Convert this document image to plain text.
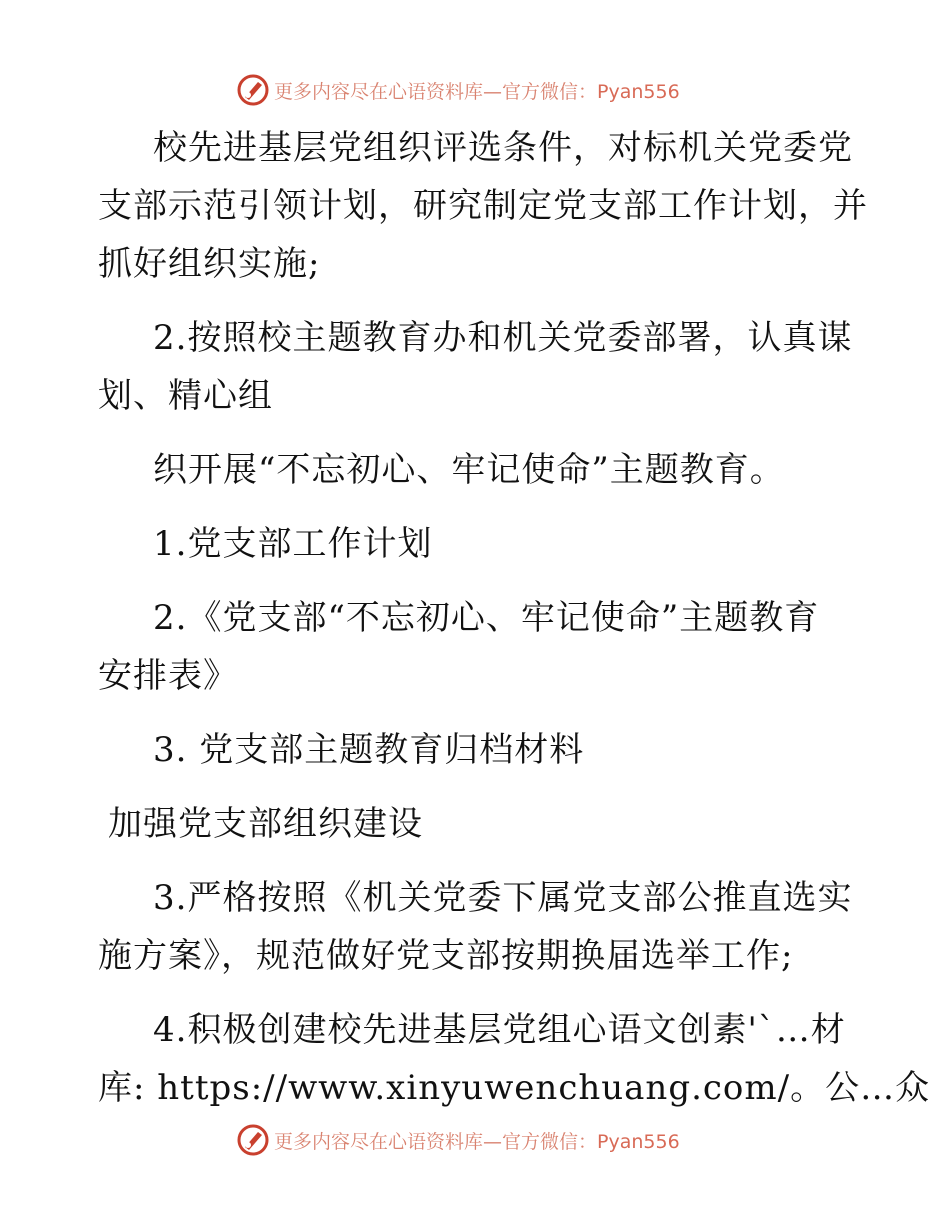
更多内容尽在心语资料库—官方微信：Pyan556
校先进基层党组织评选条件，对标机关党委党
支部示范引领计划，研究制定党支部工作计划，并
抓好组织实施;
2.按照校主题教育办和机关党委部署，认真谋
划、精心组
织开展“不忘初心、牢记使命”主题教育。
1.党支部工作计划
2.《党支部“不忘初心、牢记使命”主题教育
安排表》
3. 党支部主题教育归档材料
加强党支部组织建设
3.严格按照《机关党委下属党支部公推直选实
施方案》，规范做好党支部按期换届选举工作;
4.积极创建校先进基层党组心语文创素'`…材
库: https://www.xinyuwenchuang.com/。公…众
更多内容尽在心语资料库—官方微信：Pyan556
